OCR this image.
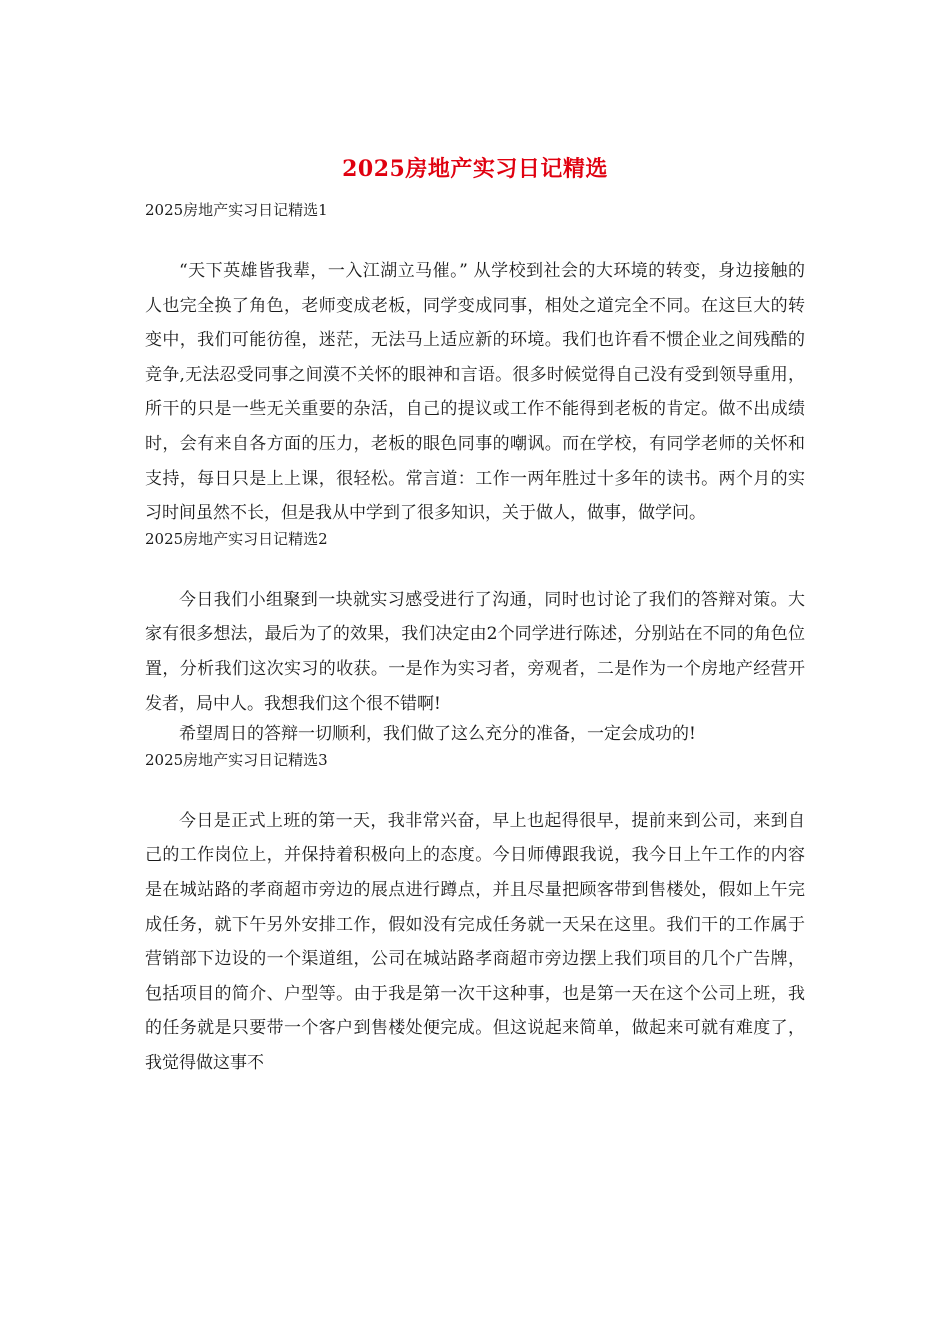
2025房地产实习日记精选

2025房地产实习日记精选1

“天下英雄皆我辈，一入江湖立马催。” 从学校到社会的大环境的转变，身边接触的人也完全换了角色，老师变成老板，同学变成同事，相处之道完全不同。在这巨大的转变中，我们可能彷徨，迷茫，无法马上适应新的环境。我们也许看不惯企业之间残酷的竞争,无法忍受同事之间漠不关怀的眼神和言语。很多时候觉得自己没有受到领导重用，所干的只是一些无关重要的杂活，自己的提议或工作不能得到老板的肯定。做不出成绩时，会有来自各方面的压力，老板的眼色同事的嘲讽。而在学校，有同学老师的关怀和支持，每日只是上上课，很轻松。常言道：工作一两年胜过十多年的读书。两个月的实习时间虽然不长，但是我从中学到了很多知识，关于做人，做事，做学问。

2025房地产实习日记精选2

今日我们小组聚到一块就实习感受进行了沟通，同时也讨论了我们的答辩对策。大家有很多想法，最后为了的效果，我们决定由2个同学进行陈述，分别站在不同的角色位置，分析我们这次实习的收获。一是作为实习者，旁观者，二是作为一个房地产经营开发者，局中人。我想我们这个很不错啊!

希望周日的答辩一切顺利，我们做了这么充分的准备，一定会成功的!

2025房地产实习日记精选3

今日是正式上班的第一天，我非常兴奋，早上也起得很早，提前来到公司，来到自己的工作岗位上，并保持着积极向上的态度。今日师傅跟我说，我今日上午工作的内容是在城站路的孝商超市旁边的展点进行蹲点，并且尽量把顾客带到售楼处，假如上午完成任务，就下午另外安排工作，假如没有完成任务就一天呆在这里。我们干的工作属于营销部下边设的一个渠道组，公司在城站路孝商超市旁边摆上我们项目的几个广告牌，包括项目的简介、户型等。由于我是第一次干这种事，也是第一天在这个公司上班，我的任务就是只要带一个客户到售楼处便完成。但这说起来简单，做起来可就有难度了，我觉得做这事不
